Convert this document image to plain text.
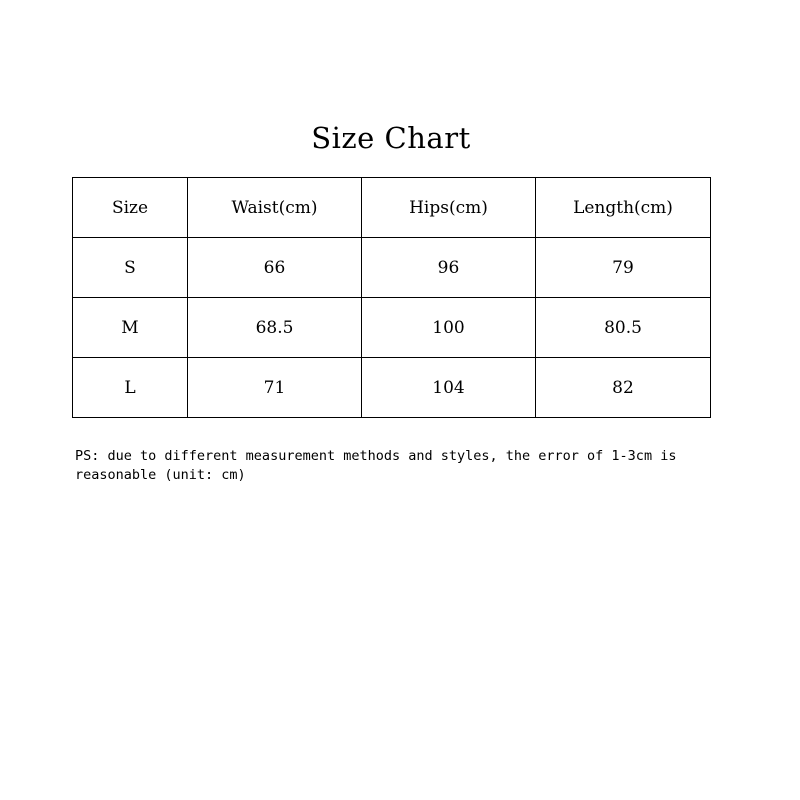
Size Chart
Size	Waist(cm)	Hips(cm)	Length(cm)
S	66	96	79
M	68.5	100	80.5
L	71	104	82
PS: due to different measurement methods and styles, the error of 1-3cm is reasonable (unit: cm)
